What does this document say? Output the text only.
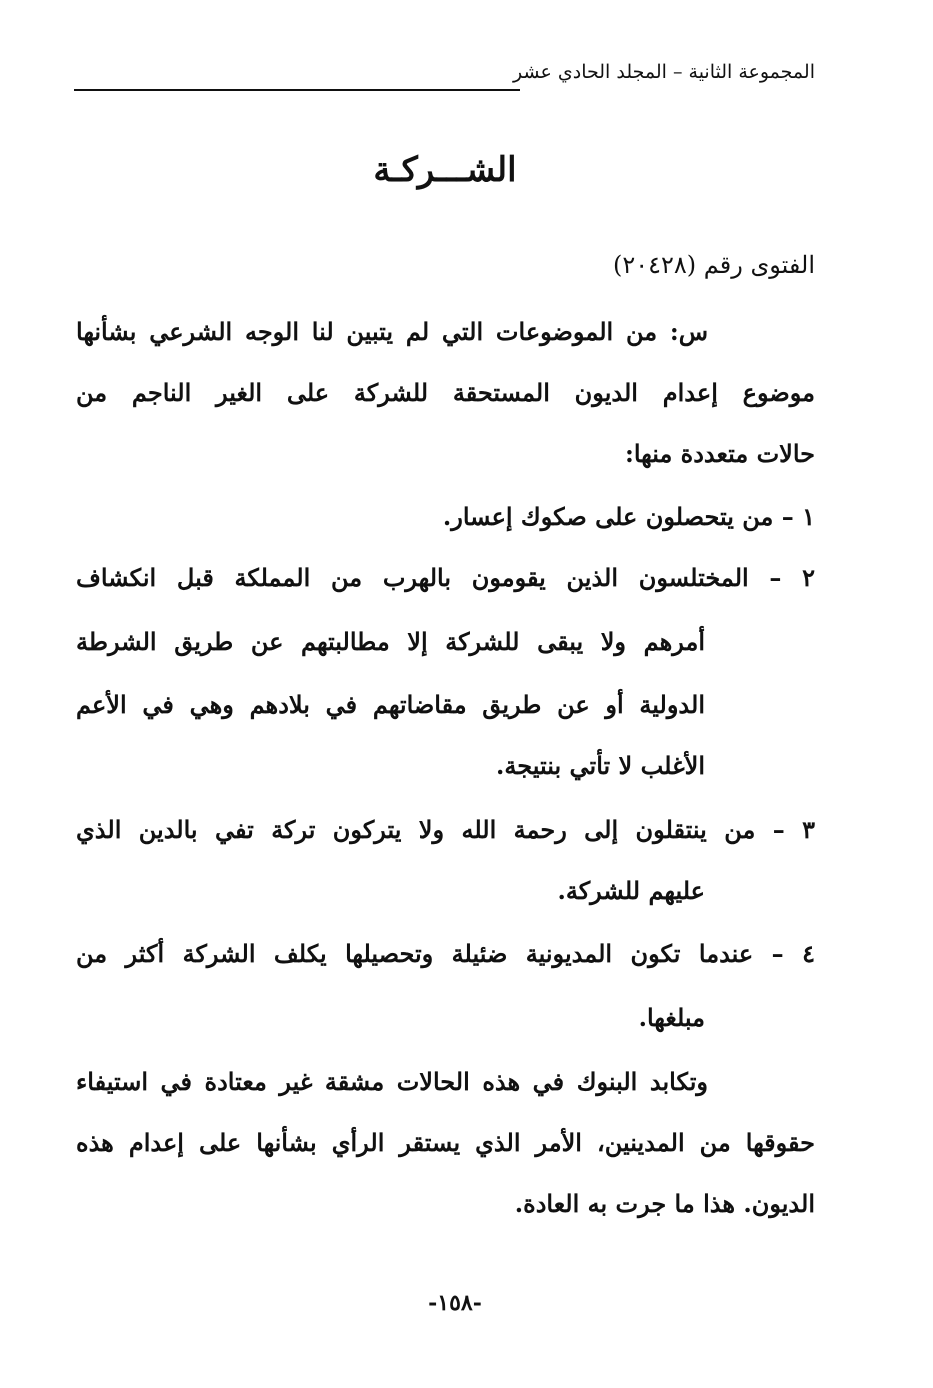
المجموعة الثانية – المجلد الحادي عشر
الشـــركـة
الفتوى رقم (٢٠٤٢٨)
س: من الموضوعات التي لم يتبين لنا الوجه الشرعي بشأنها
موضوع إعدام الديون المستحقة للشركة على الغير الناجم من
حالات متعددة منها:
١ – من يتحصلون على صكوك إعسار.
٢ – المختلسون الذين يقومون بالهرب من المملكة قبل انكشاف
أمرهم ولا يبقى للشركة إلا مطالبتهم عن طريق الشرطة
الدولية أو عن طريق مقاضاتهم في بلادهم وهي في الأعم
الأغلب لا تأتي بنتيجة.
٣ – من ينتقلون إلى رحمة الله ولا يتركون تركة تفي بالدين الذي
عليهم للشركة.
٤ – عندما تكون المديونية ضئيلة وتحصيلها يكلف الشركة أكثر من
مبلغها.
وتكابد البنوك في هذه الحالات مشقة غير معتادة في استيفاء
حقوقها من المدينين، الأمر الذي يستقر الرأي بشأنها على إعدام هذه
الديون. هذا ما جرت به العادة.
-١٥٨-
